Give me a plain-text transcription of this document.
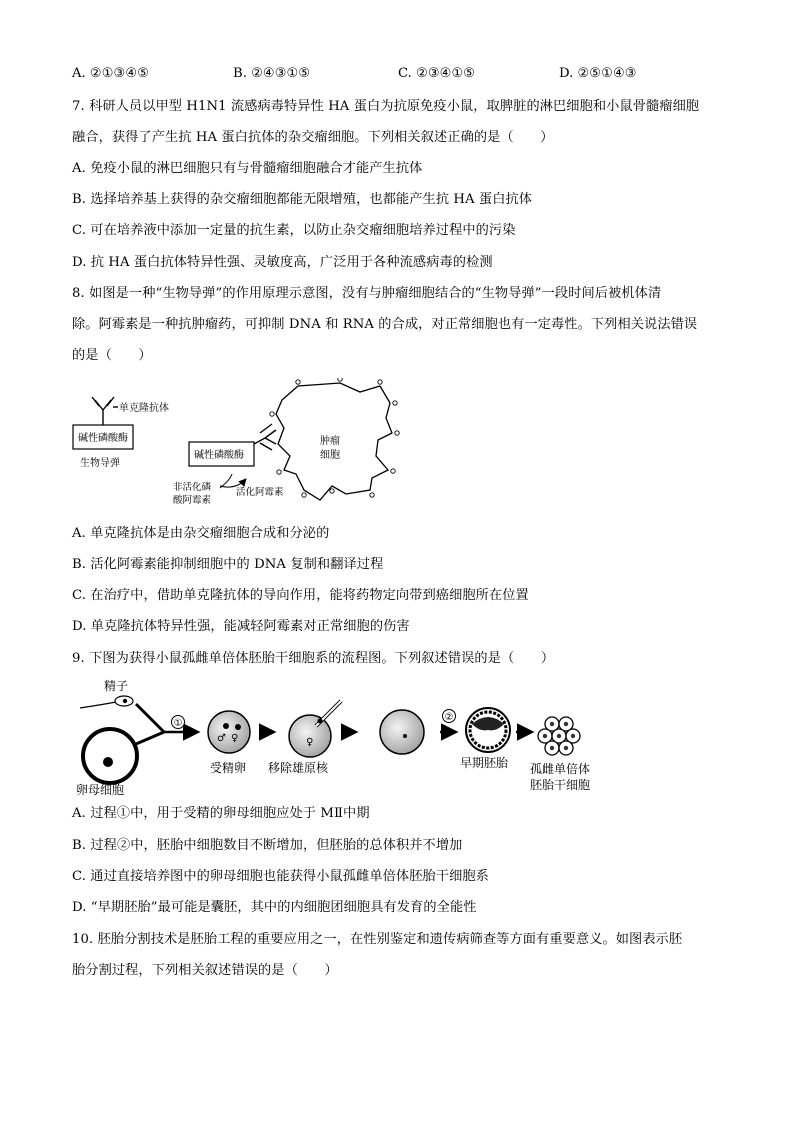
A. ②①③④⑤	B. ②④③①⑤	C. ②③④①⑤	D. ②⑤①④③
7. 科研人员以甲型 H1N1 流感病毒特异性 HA 蛋白为抗原免疫小鼠，取脾脏的淋巴细胞和小鼠骨髓瘤细胞
融合，获得了产生抗 HA 蛋白抗体的杂交瘤细胞。下列相关叙述正确的是（　　）
A. 免疫小鼠的淋巴细胞只有与骨髓瘤细胞融合才能产生抗体
B. 选择培养基上获得的杂交瘤细胞都能无限增殖，也都能产生抗 HA 蛋白抗体
C. 可在培养液中添加一定量的抗生素，以防止杂交瘤细胞培养过程中的污染
D. 抗 HA 蛋白抗体特异性强、灵敏度高，广泛用于各种流感病毒的检测
8. 如图是一种“生物导弹”的作用原理示意图，没有与肿瘤细胞结合的“生物导弹”一段时间后被机体清
除。阿霉素是一种抗肿瘤药，可抑制 DNA 和 RNA 的合成，对正常细胞也有一定毒性。下列相关说法错误
的是（　　）
单克隆抗体
碱性磷酸酶
生物导弹
碱性磷酸酶
非活化磷
酸阿霉素
活化阿霉素
肿瘤
细胞
A. 单克隆抗体是由杂交瘤细胞合成和分泌的
B. 活化阿霉素能抑制细胞中的 DNA 复制和翻译过程
C. 在治疗中，借助单克隆抗体的导向作用，能将药物定向带到癌细胞所在位置
D. 单克隆抗体特异性强，能减轻阿霉素对正常细胞的伤害
9. 下图为获得小鼠孤雌单倍体胚胎干细胞系的流程图。下列叙述错误的是（　　）
精子
卵母细胞
①
♂ ♀
受精卵
♀
移除雄原核
②
早期胚胎 孤雌单倍体
胚胎干细胞
A. 过程①中，用于受精的卵母细胞应处于 MⅡ中期
B. 过程②中，胚胎中细胞数目不断增加，但胚胎的总体积并不增加
C. 通过直接培养图中的卵母细胞也能获得小鼠孤雌单倍体胚胎干细胞系
D. “早期胚胎”最可能是囊胚，其中的内细胞团细胞具有发育的全能性
10. 胚胎分割技术是胚胎工程的重要应用之一，在性别鉴定和遗传病筛查等方面有重要意义。如图表示胚
胎分割过程，下列相关叙述错误的是（　　）
